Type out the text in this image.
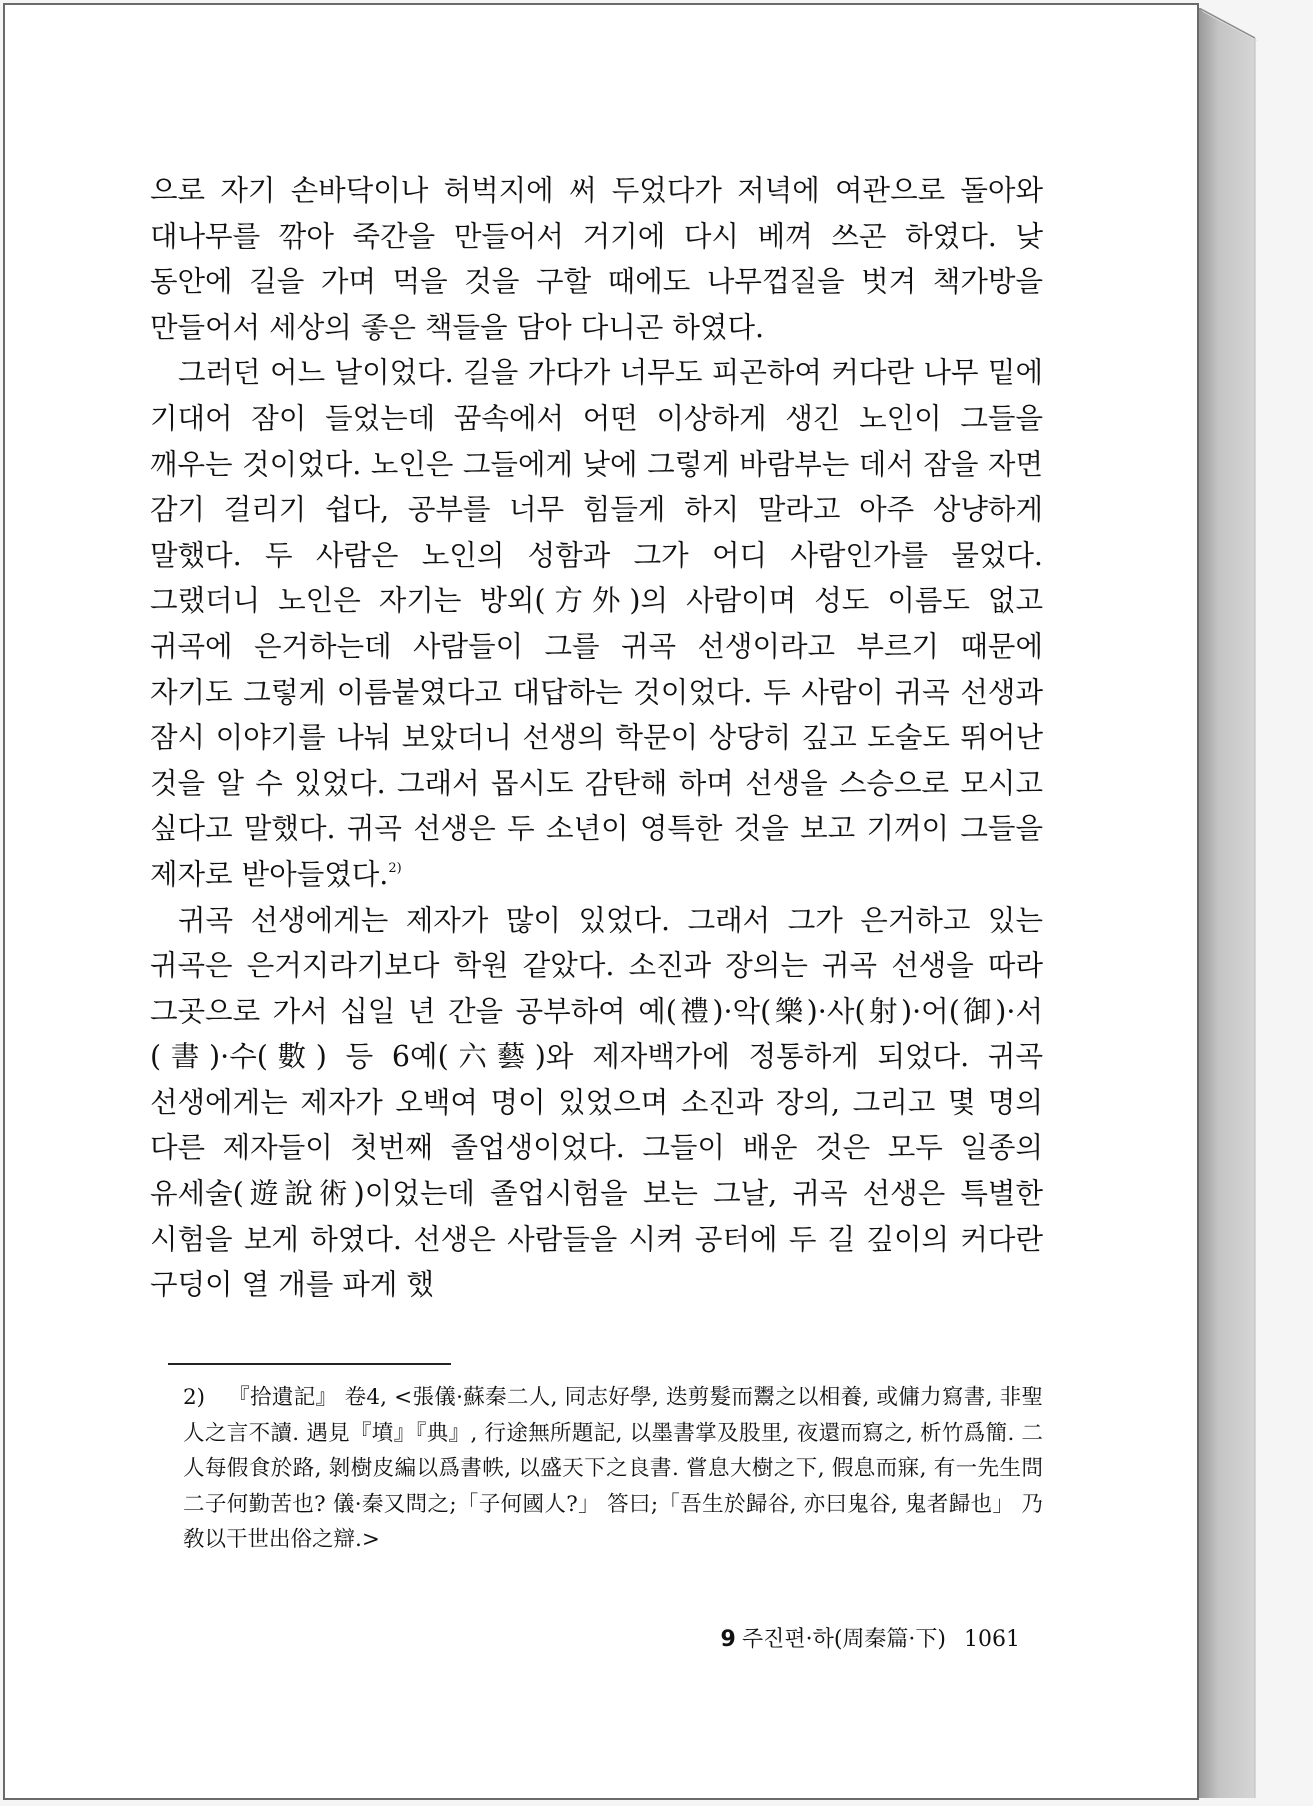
으로 자기 손바닥이나 허벅지에 써 두었다가 저녁에 여관으로 돌아와 대나무를 깎아 죽간을 만들어서 거기에 다시 베껴 쓰곤 하였다. 낮 동안에 길을 가며 먹을 것을 구할 때에도 나무껍질을 벗겨 책가방을 만들어서 세상의 좋은 책들을 담아 다니곤 하였다.

그러던 어느 날이었다. 길을 가다가 너무도 피곤하여 커다란 나무 밑에 기대어 잠이 들었는데 꿈속에서 어떤 이상하게 생긴 노인이 그들을 깨우는 것이었다. 노인은 그들에게 낮에 그렇게 바람부는 데서 잠을 자면 감기 걸리기 쉽다, 공부를 너무 힘들게 하지 말라고 아주 상냥하게 말했다. 두 사람은 노인의 성함과 그가 어디 사람인가를 물었다. 그랬더니 노인은 자기는 방외(方外)의 사람이며 성도 이름도 없고 귀곡에 은거하는데 사람들이 그를 귀곡 선생이라고 부르기 때문에 자기도 그렇게 이름붙였다고 대답하는 것이었다. 두 사람이 귀곡 선생과 잠시 이야기를 나눠 보았더니 선생의 학문이 상당히 깊고 도술도 뛰어난 것을 알 수 있었다. 그래서 몹시도 감탄해 하며 선생을 스승으로 모시고 싶다고 말했다. 귀곡 선생은 두 소년이 영특한 것을 보고 기꺼이 그들을 제자로 받아들였다.$^{2)}$

귀곡 선생에게는 제자가 많이 있었다. 그래서 그가 은거하고 있는 귀곡은 은거지라기보다 학원 같았다. 소진과 장의는 귀곡 선생을 따라 그곳으로 가서 십일 년 간을 공부하여 예(禮)·악(樂)·사(射)·어(御)·서(書)·수(數) 등 6예(六藝)와 제자백가에 정통하게 되었다. 귀곡 선생에게는 제자가 오백여 명이 있었으며 소진과 장의, 그리고 몇 명의 다른 제자들이 첫번째 졸업생이었다. 그들이 배운 것은 모두 일종의 유세술(遊說術)이었는데 졸업시험을 보는 그날, 귀곡 선생은 특별한 시험을 보게 하였다. 선생은 사람들을 시켜 공터에 두 길 깊이의 커다란 구덩이 열 개를 파게 했

2) 『拾遺記』 卷4, <張儀·蘇秦二人, 同志好學, 迭剪髮而鬻之以相養, 或傭力寫書, 非聖人之言不讀. 遇見『墳』『典』, 行途無所題記, 以墨書掌及股里, 夜還而寫之, 析竹爲簡. 二人每假食於路, 剝樹皮編以爲書帙, 以盛天下之良書. 嘗息大樹之下, 假息而寐, 有一先生問二子何勤苦也? 儀·秦又問之;「子何國人?」 答曰;「吾生於歸谷, 亦曰鬼谷, 鬼者歸也」 乃敎以干世出俗之辯.>
9 주진편·하(周秦篇·下) 1061
